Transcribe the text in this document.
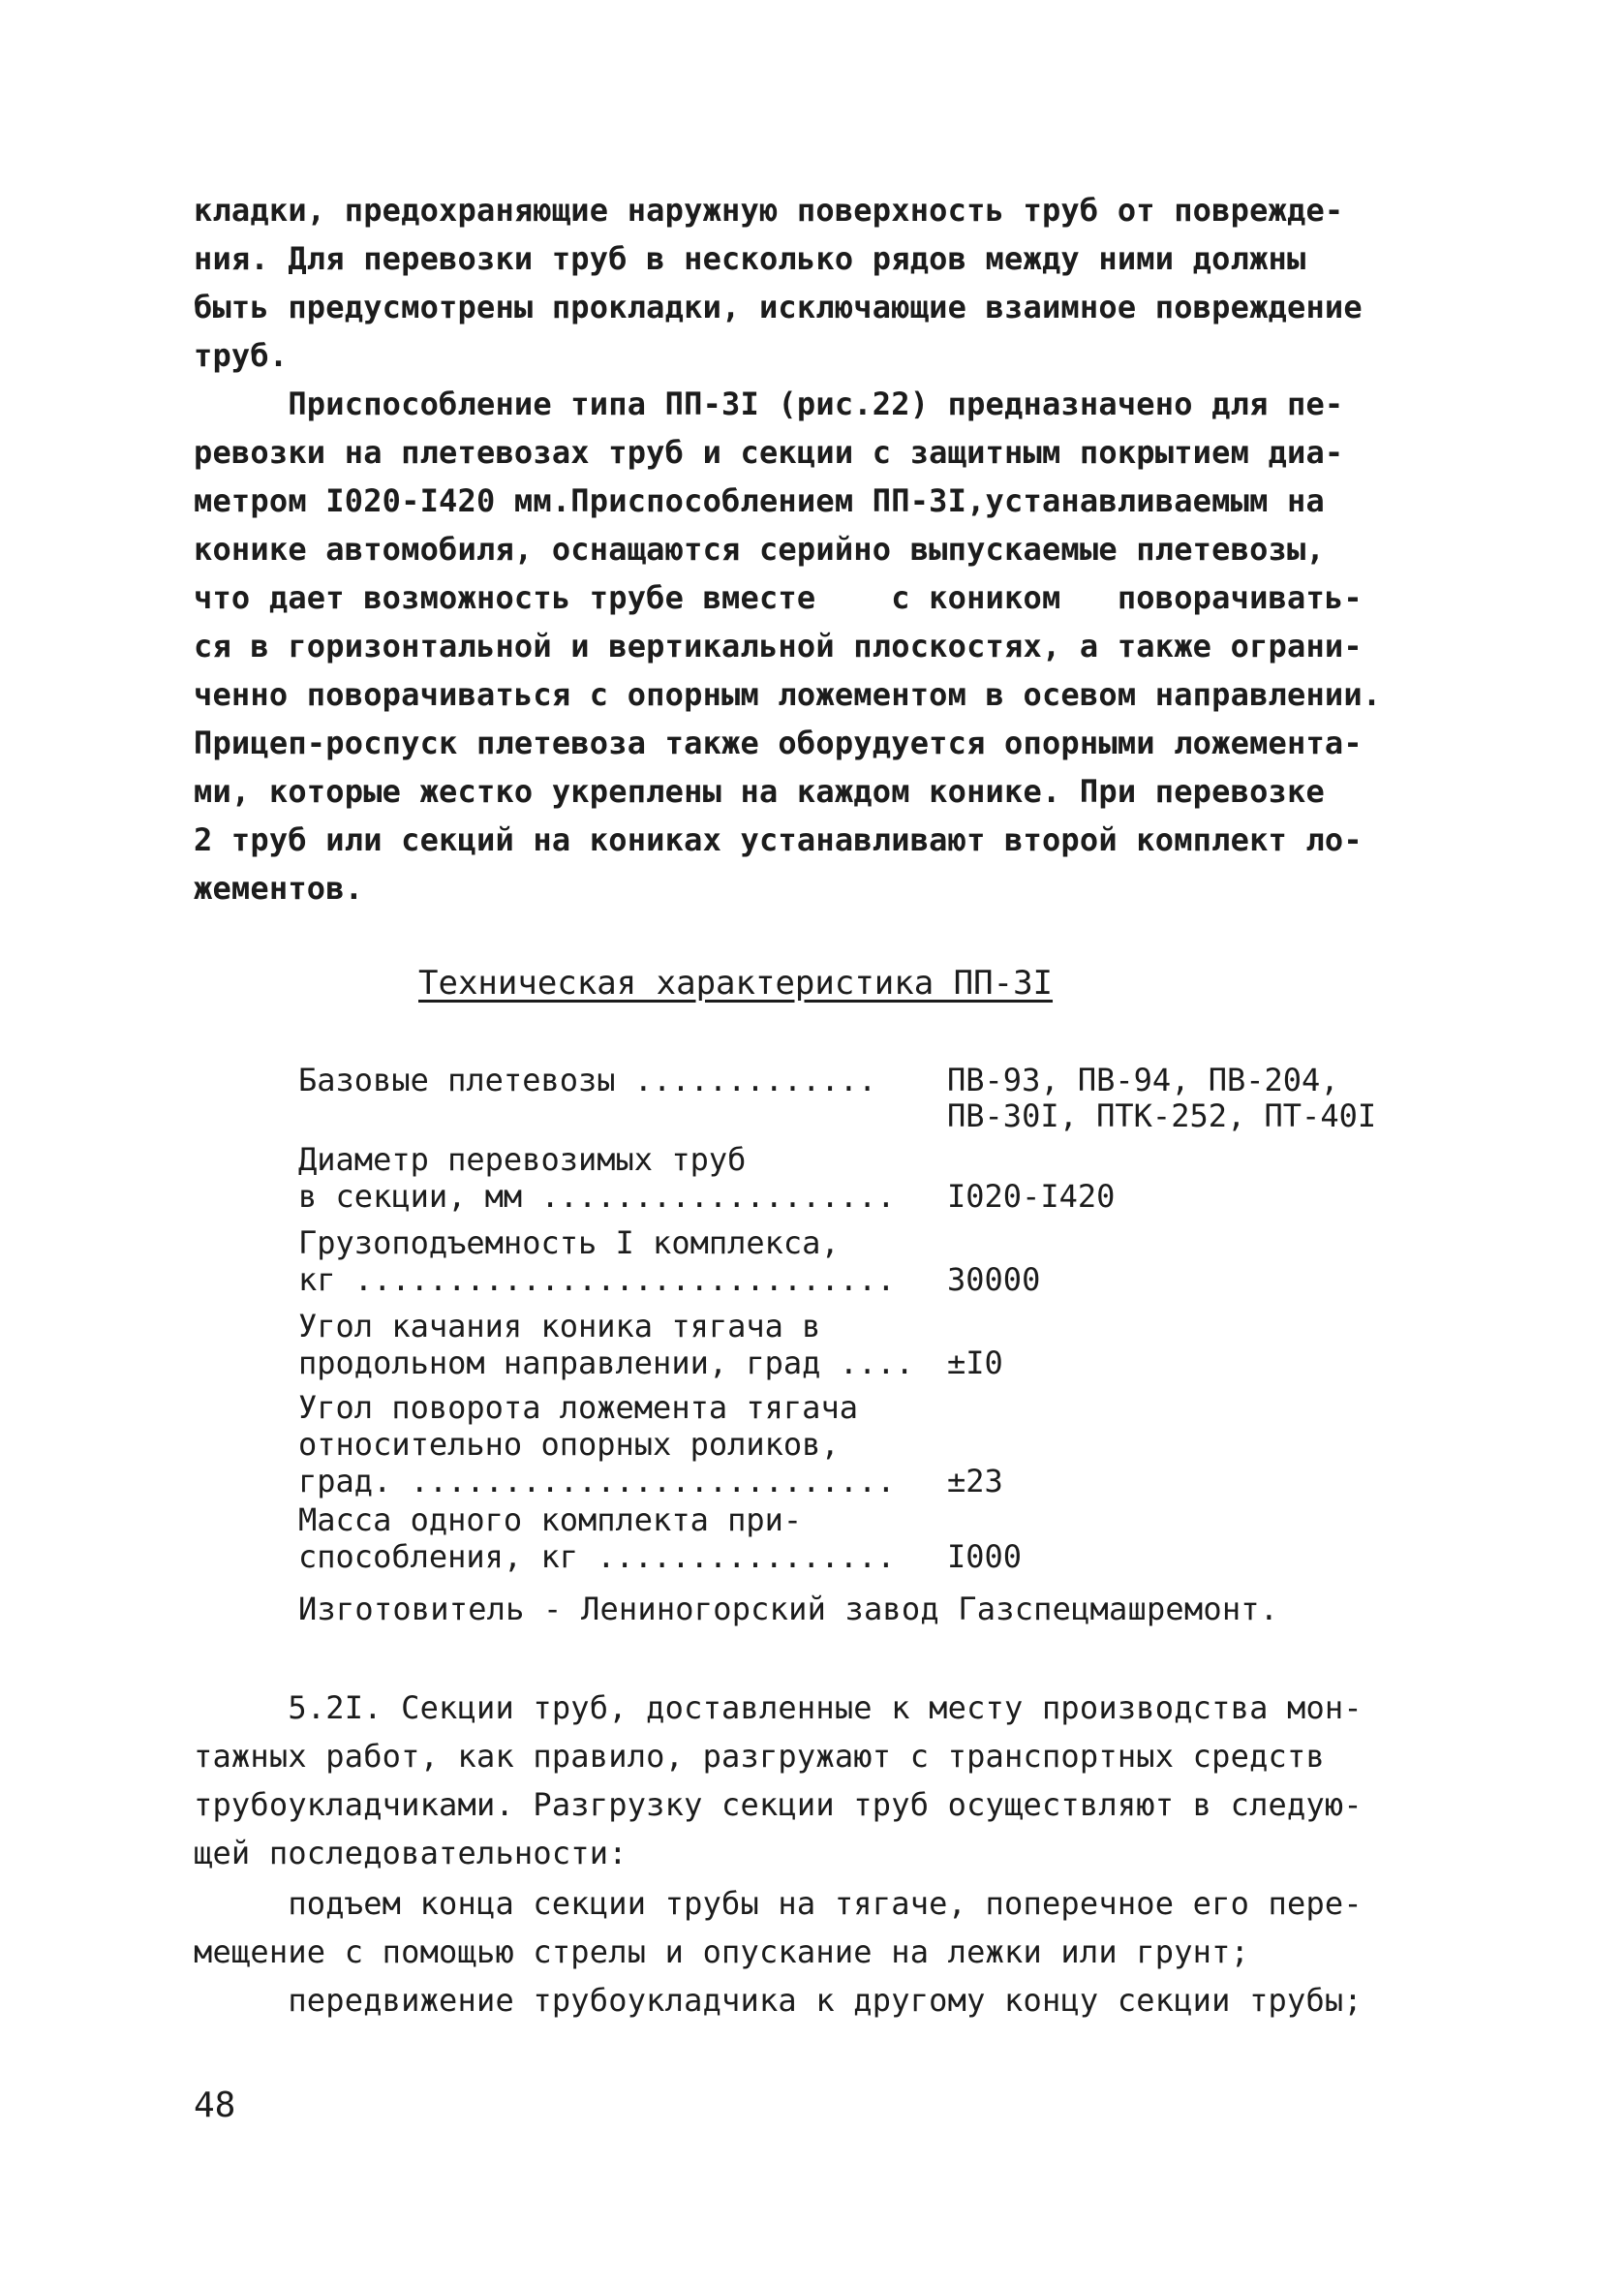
кладки, предохраняющие наружную поверхность труб от поврежде-
ния. Для перевозки труб в несколько рядов между ними должны
быть предусмотрены прокладки, исключающие взаимное повреждение
труб.
Приспособление типа ПП-3I (рис.22) предназначено для пе-
ревозки на плетевозах труб и секции с защитным покрытием диа-
метром I020-I420 мм.Приспособлением ПП-3I,устанавливаемым на
конике автомобиля, оснащаются серийно выпускаемые плетевозы,
что дает возможность трубе вместе    с коником   поворачивать-
ся в горизонтальной и вертикальной плоскостях, а также ограни-
ченно поворачиваться с опорным ложементом в осевом направлении.
Прицеп-роспуск плетевоза также оборудуется опорными ложемента-
ми, которые жестко укреплены на каждом конике. При перевозке
2 труб или секций на кониках устанавливают второй комплект ло-
жементов.
Техническая характеристика ПП-3I
Базовые плетевозы ............. ПВ-93, ПВ-94, ПВ-204,
ПВ-30I, ПТК-252, ПТ-40I
Диаметр перевозимых труб
в секции, мм ................... I020-I420
Грузоподъемность I комплекса,
кг ............................. 30000
Угол качания коника тягача в
продольном направлении, град .... ±I0
Угол поворота ложемента тягача
относительно опорных роликов,
град. .......................... ±23
Масса одного комплекта при-
способления, кг ................ I000
Изготовитель - Лениногорский завод Газспецмашремонт.
5.2I. Секции труб, доставленные к месту производства мон-
тажных работ, как правило, разгружают с транспортных средств
трубоукладчиками. Разгрузку секции труб осуществляют в следую-
щей последовательности:
подъем конца секции трубы на тягаче, поперечное его пере-
мещение с помощью стрелы и опускание на лежки или грунт;
передвижение трубоукладчика к другому концу секции трубы;
48
